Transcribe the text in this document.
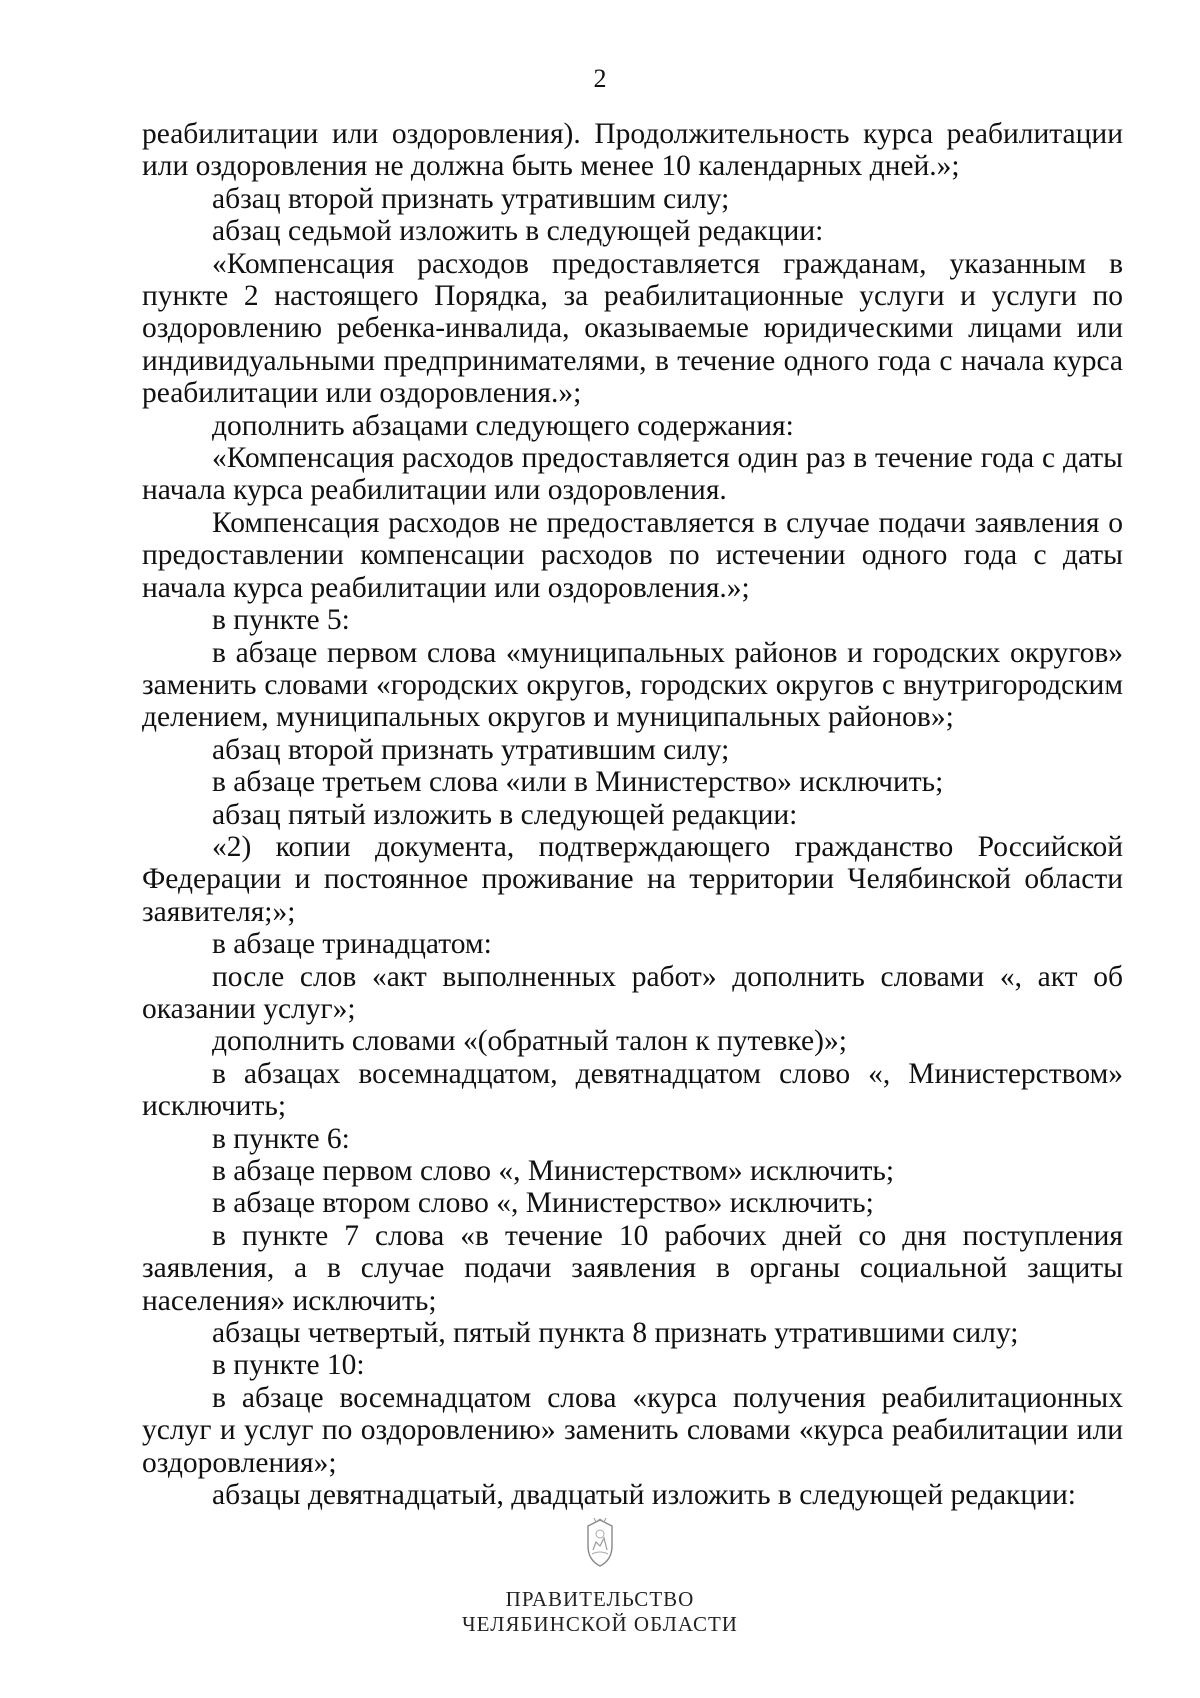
2

реабилитации или оздоровления). Продолжительность курса реабилитации или оздоровления не должна быть менее 10 календарных дней.»;

абзац второй признать утратившим силу;

абзац седьмой изложить в следующей редакции:

«Компенсация расходов предоставляется гражданам, указанным в пункте 2 настоящего Порядка, за реабилитационные услуги и услуги по оздоровлению ребенка-инвалида, оказываемые юридическими лицами или индивидуальными предпринимателями, в течение одного года с начала курса реабилитации или оздоровления.»;

дополнить абзацами следующего содержания:

«Компенсация расходов предоставляется один раз в течение года с даты начала курса реабилитации или оздоровления.

Компенсация расходов не предоставляется в случае подачи заявления о предоставлении компенсации расходов по истечении одного года с даты начала курса реабилитации или оздоровления.»;

в пункте 5:

в абзаце первом слова «муниципальных районов и городских округов» заменить словами «городских округов, городских округов с внутригородским делением, муниципальных округов и муниципальных районов»;

абзац второй признать утратившим силу;

в абзаце третьем слова «или в Министерство» исключить;

абзац пятый изложить в следующей редакции:

«2) копии документа, подтверждающего гражданство Российской Федерации и постоянное проживание на территории Челябинской области заявителя;»;

в абзаце тринадцатом:

после слов «акт выполненных работ» дополнить словами «, акт об оказании услуг»;

дополнить словами «(обратный талон к путевке)»;

в абзацах восемнадцатом, девятнадцатом слово «, Министерством» исключить;

в пункте 6:

в абзаце первом слово «, Министерством» исключить;

в абзаце втором слово «, Министерство» исключить;

в пункте 7 слова «в течение 10 рабочих дней со дня поступления заявления, а в случае подачи заявления в органы социальной защиты населения» исключить;

абзацы четвертый, пятый пункта 8 признать утратившими силу;

в пункте 10:

в абзаце восемнадцатом слова «курса получения реабилитационных услуг и услуг по оздоровлению» заменить словами «курса реабилитации или оздоровления»;

абзацы девятнадцатый, двадцатый изложить в следующей редакции:

ПРАВИТЕЛЬСТВО
ЧЕЛЯБИНСКОЙ ОБЛАСТИ
